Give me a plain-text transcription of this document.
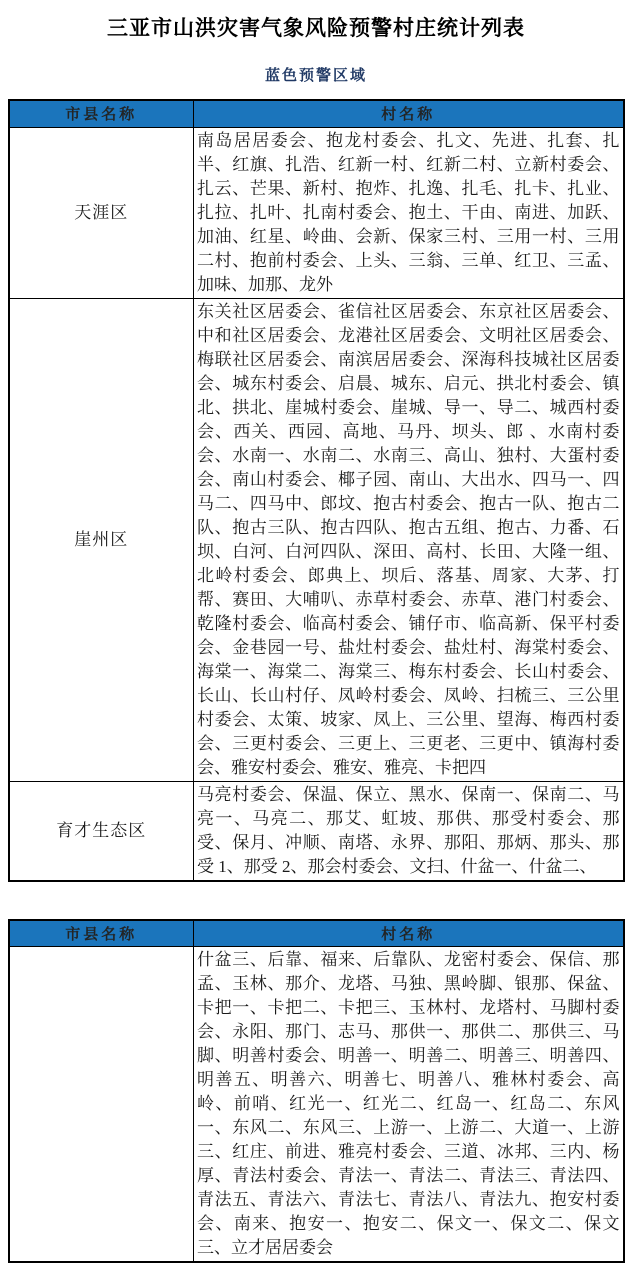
三亚市山洪灾害气象风险预警村庄统计列表
蓝色预警区域
市县名称	村名称
天涯区	南岛居居委会、抱龙村委会、扎文、先进、扎套、扎半、红旗、扎浩、红新一村、红新二村、立新村委会、扎云、芒果、新村、抱炸、扎逸、扎毛、扎卡、扎业、扎拉、扎叶、扎南村委会、抱土、干由、南进、加跃、加油、红星、岭曲、会新、保家三村、三用一村、三用二村、抱前村委会、上头、三翁、三单、红卫、三孟、加味、加那、龙外
崖州区	东关社区居委会、雀信社区居委会、东京社区居委会、中和社区居委会、龙港社区居委会、文明社区居委会、梅联社区居委会、南滨居居委会、深海科技城社区居委会、城东村委会、启晨、城东、启元、拱北村委会、镇北、拱北、崖城村委会、崖城、导一、导二、城西村委会、西关、西园、高地、马丹、坝头、郎 、水南村委会、水南一、水南二、水南三、高山、独村、大蛋村委会、南山村委会、椰子园、南山、大出水、四马一、四马二、四马中、郎坟、抱古村委会、抱古一队、抱古二队、抱古三队、抱古四队、抱古五组、抱古、力番、石坝、白河、白河四队、深田、高村、长田、大隆一组、北岭村委会、郎典上、坝后、落基、周家、大茅、打帮、赛田、大哺叭、赤草村委会、赤草、港门村委会、乾隆村委会、临高村委会、铺仔市、临高新、保平村委会、金巷园一号、盐灶村委会、盐灶村、海棠村委会、海棠一、海棠二、海棠三、梅东村委会、长山村委会、长山、长山村仔、凤岭村委会、凤岭、扫梳三、三公里村委会、太策、坡家、凤上、三公里、望海、梅西村委会、三更村委会、三更上、三更老、三更中、镇海村委会、雅安村委会、雅安、雅亮、卡把四
育才生态区	马亮村委会、保温、保立、黑水、保南一、保南二、马亮一、马亮二、那艾、虹坡、那供、那受村委会、那受、保月、冲顺、南塔、永界、那阳、那炳、那头、那受 1、那受 2、那会村委会、文扫、什盆一、什盆二、
市县名称	村名称
	什盆三、后靠、福来、后靠队、龙密村委会、保信、那孟、玉林、那介、龙塔、马独、黑岭脚、银那、保盆、卡把一、卡把二、卡把三、玉林村、龙塔村、马脚村委会、永阳、那门、志马、那供一、那供二、那供三、马脚、明善村委会、明善一、明善二、明善三、明善四、明善五、明善六、明善七、明善八、雅林村委会、高岭、前哨、红光一、红光二、红岛一、红岛二、东风一、东风二、东风三、上游一、上游二、大道一、上游三、红庄、前进、雅亮村委会、三道、冰邦、三内、杨厚、青法村委会、青法一、青法二、青法三、青法四、青法五、青法六、青法七、青法八、青法九、抱安村委会、南来、抱安一、抱安二、保文一、保文二、保文三、立才居居委会
